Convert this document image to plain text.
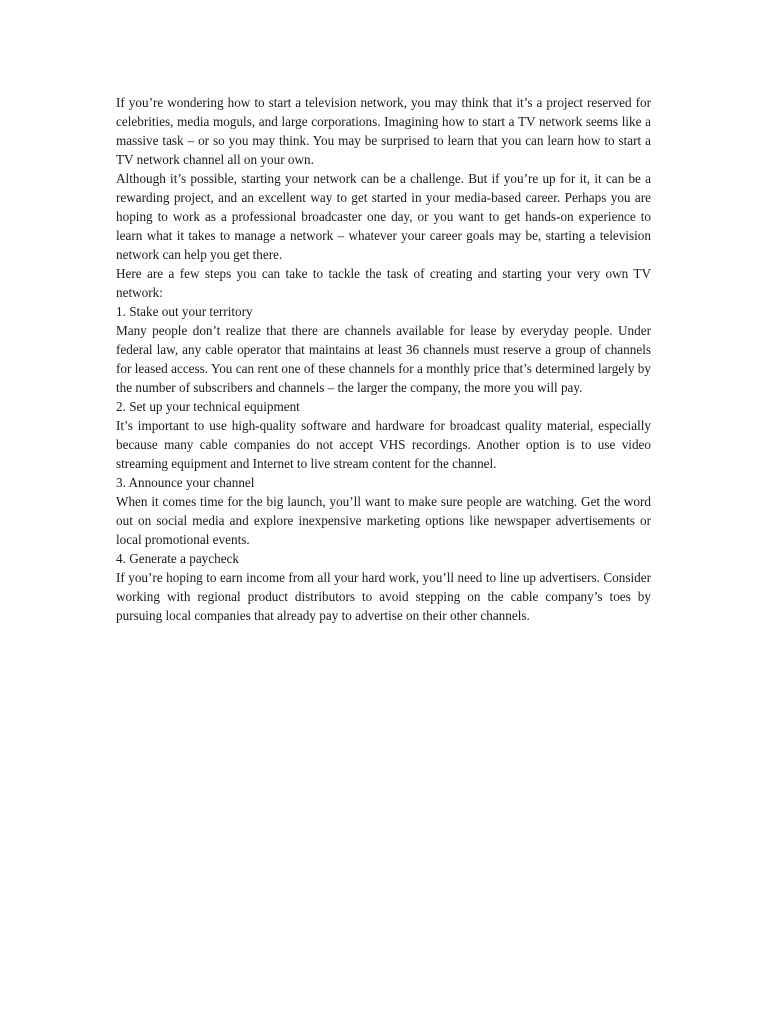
If you’re wondering how to start a television network, you may think that it’s a project reserved for celebrities, media moguls, and large corporations. Imagining how to start a TV network seems like a massive task – or so you may think. You may be surprised to learn that you can learn how to start a TV network channel all on your own.

Although it’s possible, starting your network can be a challenge. But if you’re up for it, it can be a rewarding project, and an excellent way to get started in your media-based career. Perhaps you are hoping to work as a professional broadcaster one day, or you want to get hands-on experience to learn what it takes to manage a network – whatever your career goals may be, starting a television network can help you get there.

Here are a few steps you can take to tackle the task of creating and starting your very own TV network:

1. Stake out your territory

Many people don’t realize that there are channels available for lease by everyday people. Under federal law, any cable operator that maintains at least 36 channels must reserve a group of channels for leased access. You can rent one of these channels for a monthly price that’s determined largely by the number of subscribers and channels – the larger the company, the more you will pay.

2. Set up your technical equipment

It’s important to use high-quality software and hardware for broadcast quality material, especially because many cable companies do not accept VHS recordings. Another option is to use video streaming equipment and Internet to live stream content for the channel.

3. Announce your channel

When it comes time for the big launch, you’ll want to make sure people are watching. Get the word out on social media and explore inexpensive marketing options like newspaper advertisements or local promotional events.

4. Generate a paycheck

If you’re hoping to earn income from all your hard work, you’ll need to line up advertisers. Consider working with regional product distributors to avoid stepping on the cable company’s toes by pursuing local companies that already pay to advertise on their other channels.
